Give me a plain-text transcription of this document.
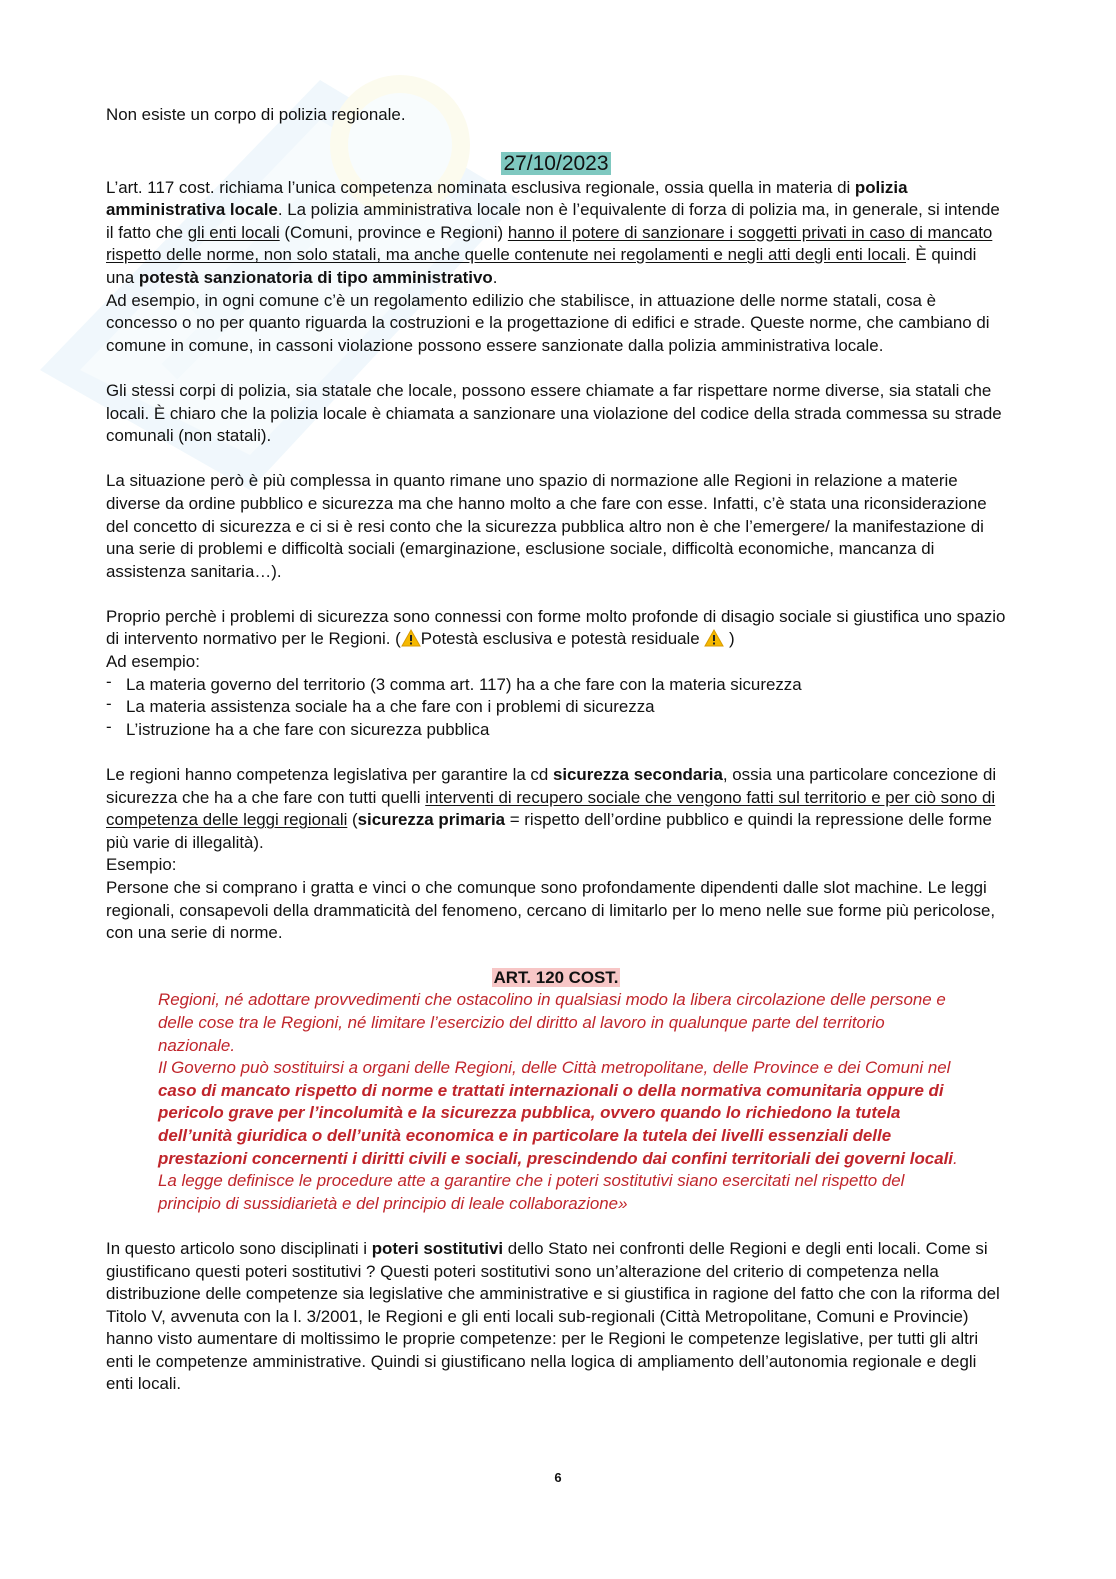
Non esiste un corpo di polizia regionale.

27/10/2023

L’art. 117 cost. richiama l’unica competenza nominata esclusiva regionale, ossia quella in materia di polizia amministrativa locale. La polizia amministrativa locale non è l’equivalente di forza di polizia ma, in generale, si intende il fatto che gli enti locali (Comuni, province e Regioni) hanno il potere di sanzionare i soggetti privati in caso di mancato rispetto delle norme, non solo statali, ma anche quelle contenute nei regolamenti e negli atti degli enti locali. È quindi una potestà sanzionatoria di tipo amministrativo.

Ad esempio, in ogni comune c’è un regolamento edilizio che stabilisce, in attuazione delle norme statali, cosa è concesso o no per quanto riguarda la costruzioni e la progettazione di edifici e strade. Queste norme, che cambiano di comune in comune, in cassoni violazione possono essere sanzionate dalla polizia amministrativa locale.

Gli stessi corpi di polizia, sia statale che locale, possono essere chiamate a far rispettare norme diverse, sia statali che locali. È chiaro che la polizia locale è chiamata a sanzionare una violazione del codice della strada commessa su strade comunali (non statali).

La situazione però è più complessa in quanto rimane uno spazio di normazione alle Regioni in relazione a materie diverse da ordine pubblico e sicurezza ma che hanno molto a che fare con esse. Infatti, c’è stata una riconsiderazione del concetto di sicurezza e ci si è resi conto che la sicurezza pubblica altro non è che l’emergere/ la manifestazione di una serie di problemi e difficoltà sociali (emarginazione, esclusione sociale, difficoltà economiche, mancanza di assistenza sanitaria…).

Proprio perchè i problemi di sicurezza sono connessi con forme molto profonde di disagio sociale si giustifica uno spazio di intervento normativo per le Regioni. ( Potestà esclusiva e potestà residuale  )

Ad esempio:

- La materia governo del territorio (3 comma art. 117) ha a che fare con la materia sicurezza
- La materia assistenza sociale ha a che fare con i problemi di sicurezza
- L’istruzione ha a che fare con sicurezza pubblica

Le regioni hanno competenza legislativa per garantire la cd sicurezza secondaria, ossia una particolare concezione di sicurezza che ha a che fare con tutti quelli interventi di recupero sociale che vengono fatti sul territorio e per ciò sono di competenza delle leggi regionali (sicurezza primaria = rispetto dell’ordine pubblico e quindi la repressione delle forme più varie di illegalità).

Esempio:

Persone che si comprano i gratta e vinci o che comunque sono profondamente dipendenti dalle slot machine. Le leggi regionali, consapevoli della drammaticità del fenomeno, cercano di limitarlo per lo meno nelle sue forme più pericolose, con una serie di norme.

ART. 120 COST.

Regioni, né adottare provvedimenti che ostacolino in qualsiasi modo la libera circolazione delle persone e delle cose tra le Regioni, né limitare l’esercizio del diritto al lavoro in qualunque parte del territorio nazionale.

Il Governo può sostituirsi a organi delle Regioni, delle Città metropolitane, delle Province e dei Comuni nel caso di mancato rispetto di norme e trattati internazionali o della normativa comunitaria oppure di pericolo grave per l’incolumità e la sicurezza pubblica, ovvero quando lo richiedono la tutela dell’unità giuridica o dell’unità economica e in particolare la tutela dei livelli essenziali delle prestazioni concernenti i diritti civili e sociali, prescindendo dai confini territoriali dei governi locali. La legge definisce le procedure atte a garantire che i poteri sostitutivi siano esercitati nel rispetto del principio di sussidiarietà e del principio di leale collaborazione»

In questo articolo sono disciplinati i poteri sostitutivi dello Stato nei confronti delle Regioni e degli enti locali. Come si giustificano questi poteri sostitutivi ? Questi poteri sostitutivi sono un’alterazione del criterio di competenza nella distribuzione delle competenze sia legislative che amministrative e si giustifica in ragione del fatto che con la riforma del Titolo V, avvenuta con la l. 3/2001, le Regioni e gli enti locali sub-regionali (Città Metropolitane, Comuni e Provincie) hanno visto aumentare di moltissimo le proprie competenze: per le Regioni le competenze legislative, per tutti gli altri enti le competenze amministrative. Quindi si giustificano nella logica di ampliamento dell’autonomia regionale e degli enti locali.

6
